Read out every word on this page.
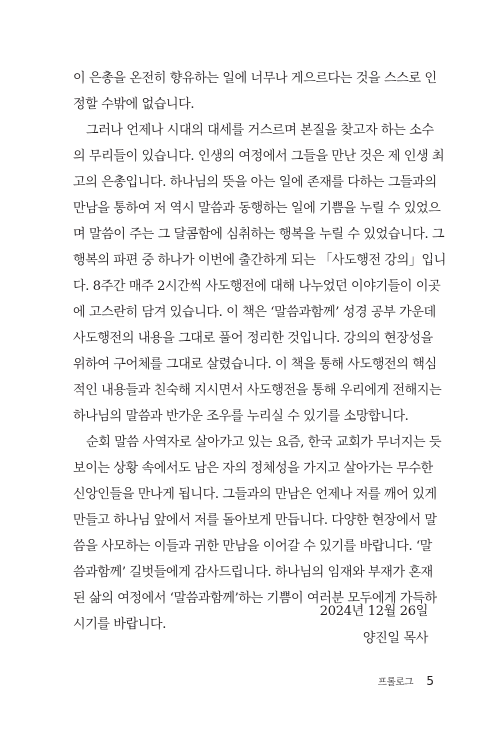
이 은총을 온전히 향유하는 일에 너무나 게으르다는 것을 스스로 인
정할 수밖에 없습니다.
그러나 언제나 시대의 대세를 거스르며 본질을 찾고자 하는 소수
의 무리들이 있습니다. 인생의 여정에서 그들을 만난 것은 제 인생 최
고의 은총입니다. 하나님의 뜻을 아는 일에 존재를 다하는 그들과의
만남을 통하여 저 역시 말씀과 동행하는 일에 기쁨을 누릴 수 있었으
며 말씀이 주는 그 달콤함에 심취하는 행복을 누릴 수 있었습니다. 그
행복의 파편 중 하나가 이번에 출간하게 되는 「사도행전 강의」입니
다. 8주간 매주 2시간씩 사도행전에 대해 나누었던 이야기들이 이곳
에 고스란히 담겨 있습니다. 이 책은 ‘말씀과함께’ 성경 공부 가운데
사도행전의 내용을 그대로 풀어 정리한 것입니다. 강의의 현장성을
위하여 구어체를 그대로 살렸습니다. 이 책을 통해 사도행전의 핵심
적인 내용들과 친숙해 지시면서 사도행전을 통해 우리에게 전해지는
하나님의 말씀과 반가운 조우를 누리실 수 있기를 소망합니다.
순회 말씀 사역자로 살아가고 있는 요즘, 한국 교회가 무너지는 듯
보이는 상황 속에서도 남은 자의 정체성을 가지고 살아가는 무수한
신앙인들을 만나게 됩니다. 그들과의 만남은 언제나 저를 깨어 있게
만들고 하나님 앞에서 저를 돌아보게 만듭니다. 다양한 현장에서 말
씀을 사모하는 이들과 귀한 만남을 이어갈 수 있기를 바랍니다. ‘말
씀과함께’ 길벗들에게 감사드립니다. 하나님의 임재와 부재가 혼재
된 삶의 여정에서 ‘말씀과함께’하는 기쁨이 여러분 모두에게 가득하
시기를 바랍니다.
2024년 12월 26일
양진일 목사
프롤로그 5
